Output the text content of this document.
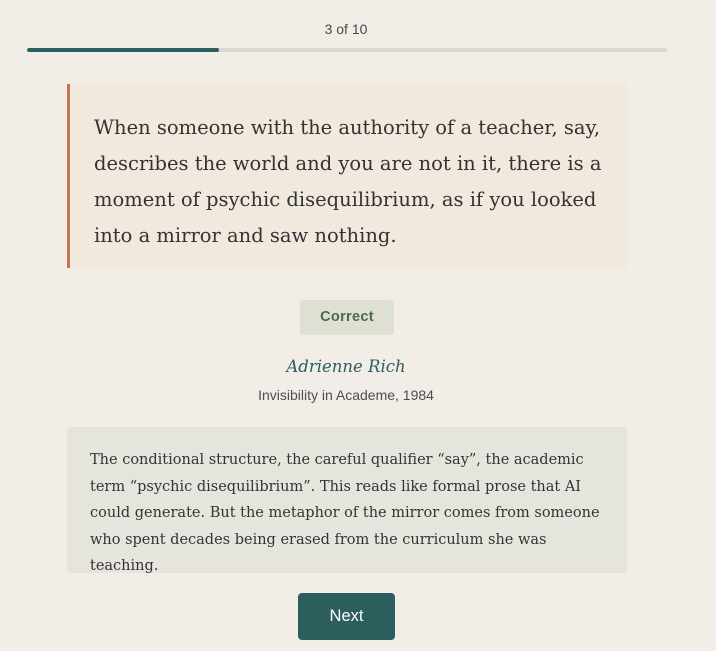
3 of 10

When someone with the authority of a teacher, say, describes the world and you are not in it, there is a moment of psychic disequilibrium, as if you looked into a mirror and saw nothing.

Correct
Adrienne Rich
Invisibility in Academe, 1984

The conditional structure, the careful qualifier “say”, the academic term “psychic disequilibrium”. This reads like formal prose that AI could generate. But the metaphor of the mirror comes from someone who spent decades being erased from the curriculum she was teaching.

Next
